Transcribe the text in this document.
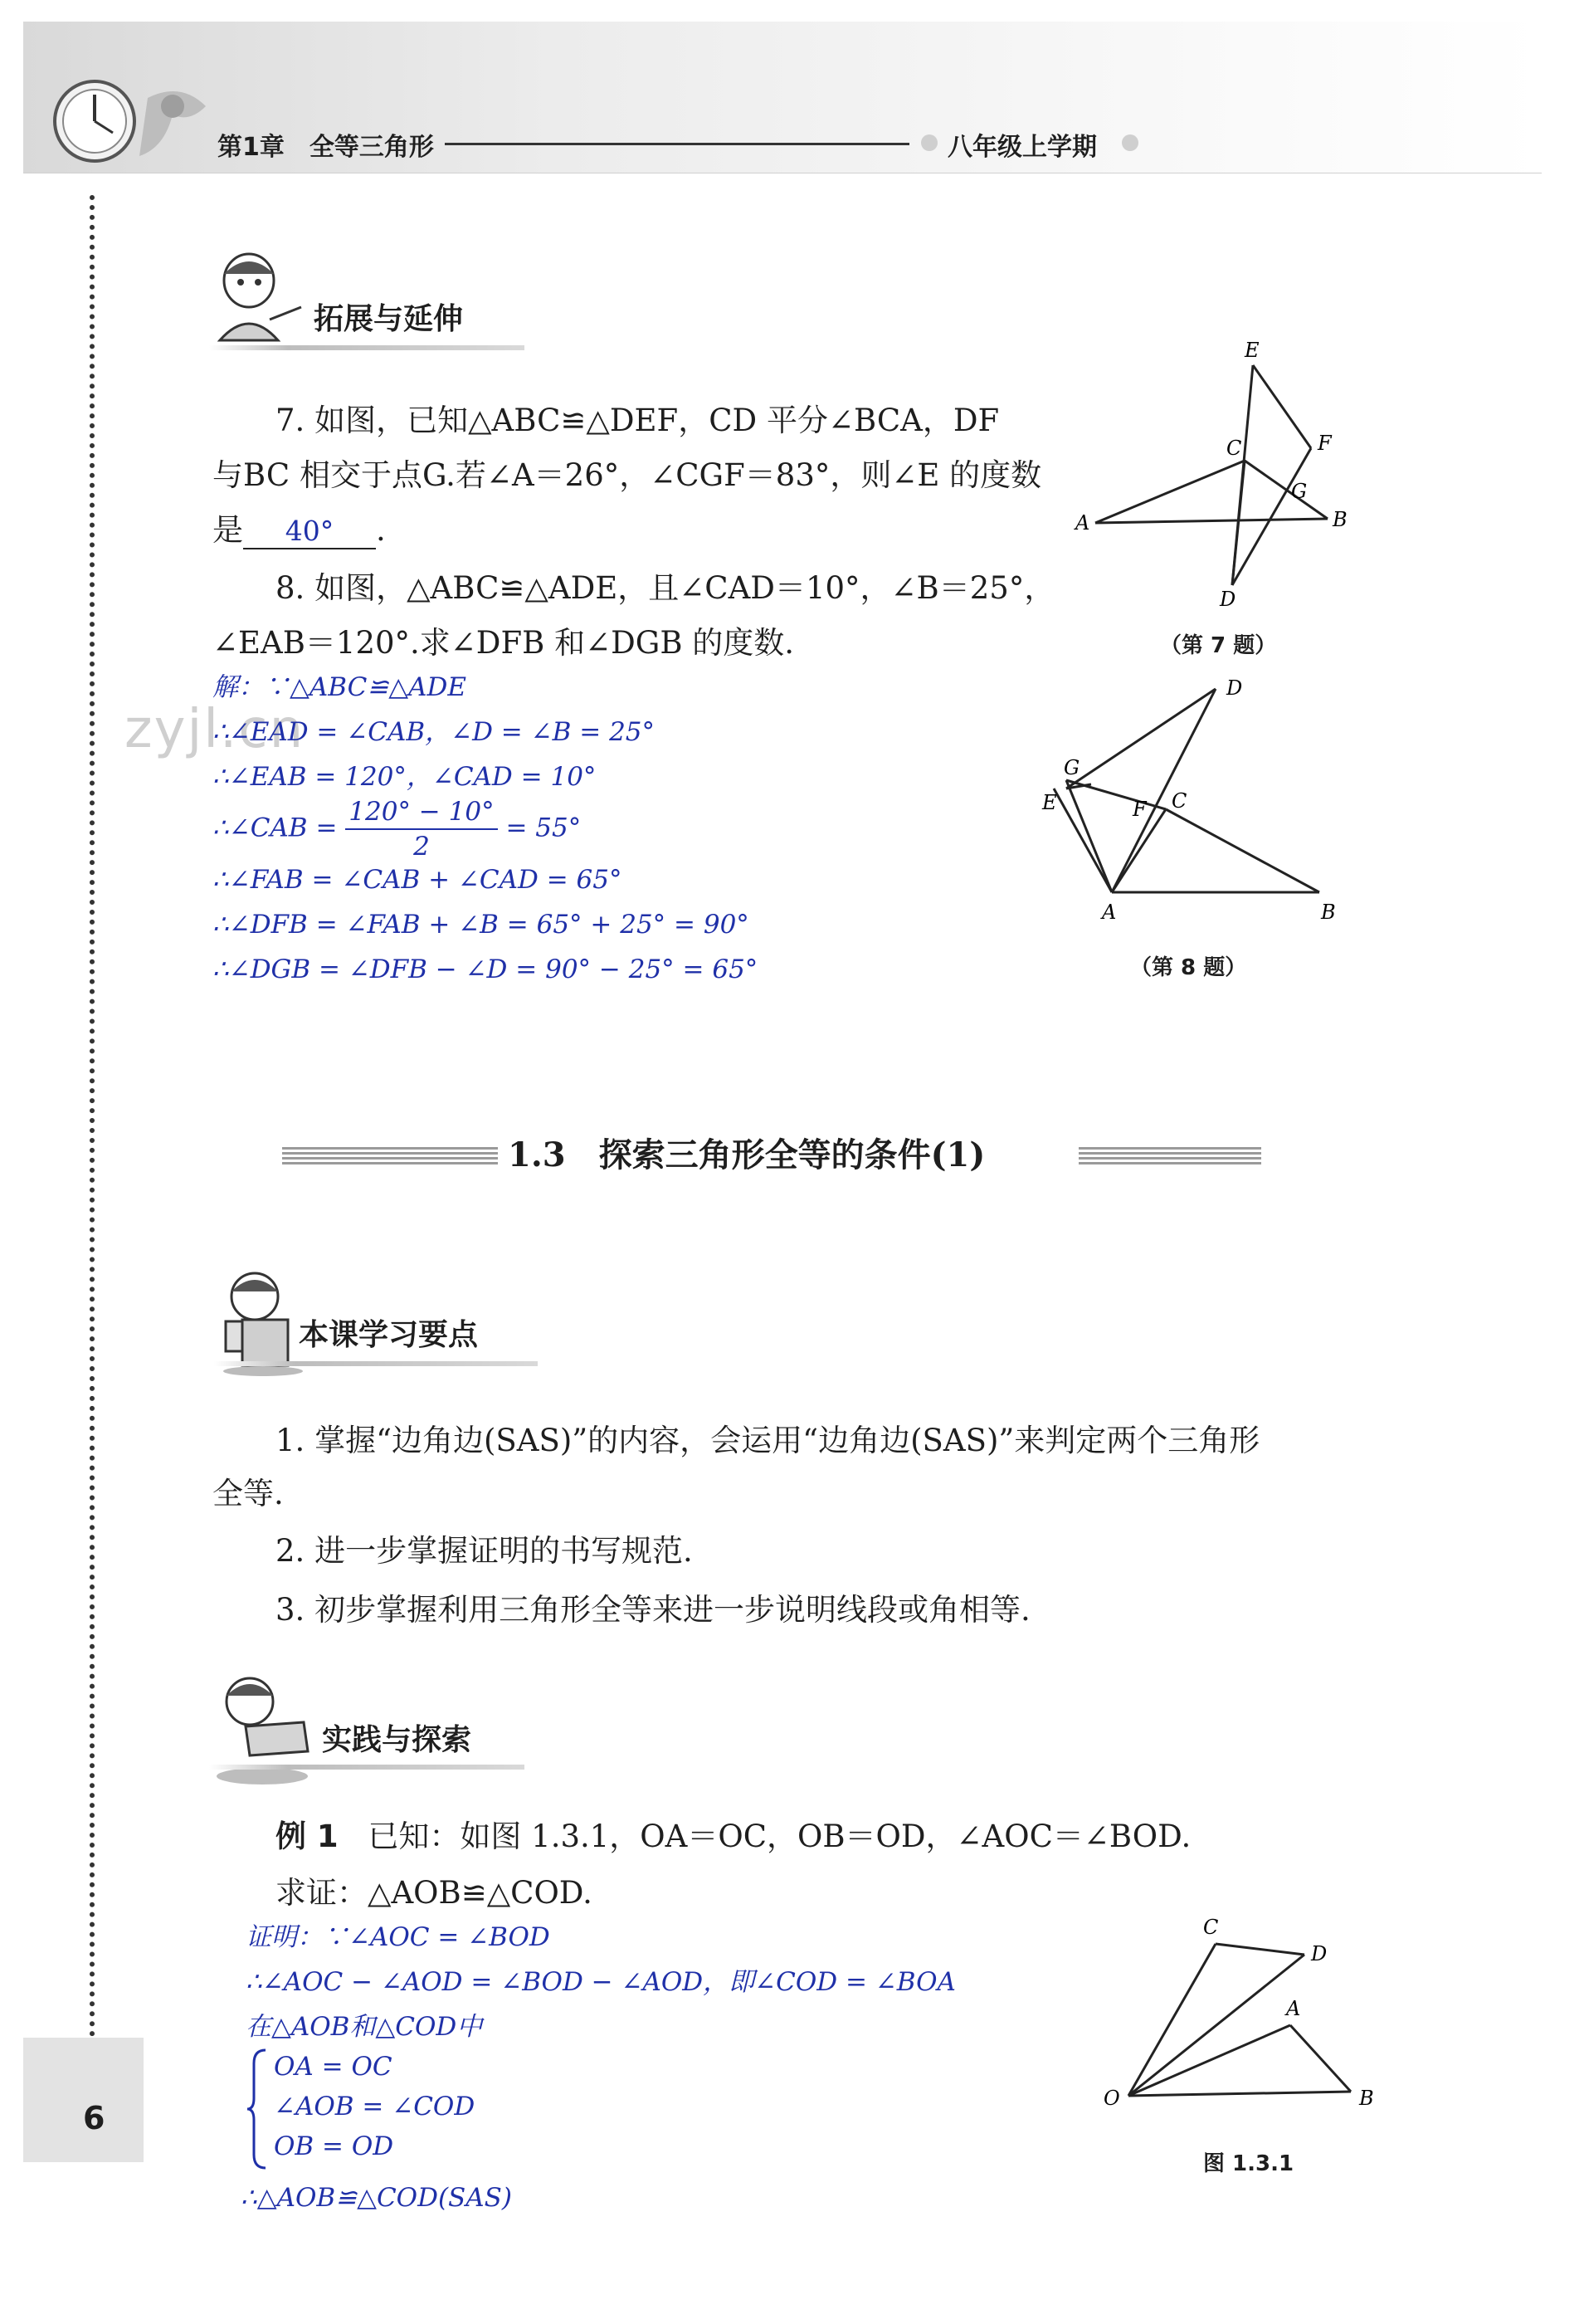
第1章　全等三角形	八年级上学期
6
拓展与延伸
7. 如图，已知△ABC≌△DEF，CD 平分∠BCA，DF
与BC 相交于点G.若∠A＝26°，∠CGF＝83°，则∠E 的度数
是 40° .
8. 如图，△ABC≌△ADE，且∠CAD＝10°，∠B＝25°，
∠EAB＝120°.求∠DFB 和∠DGB 的度数.
zyjl.cn
解：∵△ABC≌△ADE
∴∠EAD = ∠CAB，∠D = ∠B = 25°
∴∠EAB = 120°，∠CAD = 10°
∴∠CAB = $\frac{120^\circ - 10^\circ}{2} = 55^\circ$
∴∠FAB = ∠CAB + ∠CAD = 65°
∴∠DFB = ∠FAB + ∠B = 65° + 25° = 90°
∴∠DGB = ∠DFB − ∠D = 90° − 25° = 65°
E
F
C
G
A	B
D
（第 7 题）
D
G
E	F C
A	B
（第 8 题）
1.3　探索三角形全等的条件(1)
本课学习要点
1. 掌握“边角边(SAS)”的内容，会运用“边角边(SAS)”来判定两个三角形
全等.
2. 进一步掌握证明的书写规范.
3. 初步掌握利用三角形全等来进一步说明线段或角相等.
实践与探索
例 1 已知：如图 1.3.1，OA＝OC，OB＝OD，∠AOC＝∠BOD.
求证：△AOB≌△COD.
证明：∵∠AOC = ∠BOD
∴∠AOC − ∠AOD = ∠BOD − ∠AOD，即∠COD = ∠BOA
在△AOB和△COD中
OA = OC
∠AOB = ∠COD
OB = OD
∴△AOB≌△COD(SAS)
C
D
A
O	B
图 1.3.1
